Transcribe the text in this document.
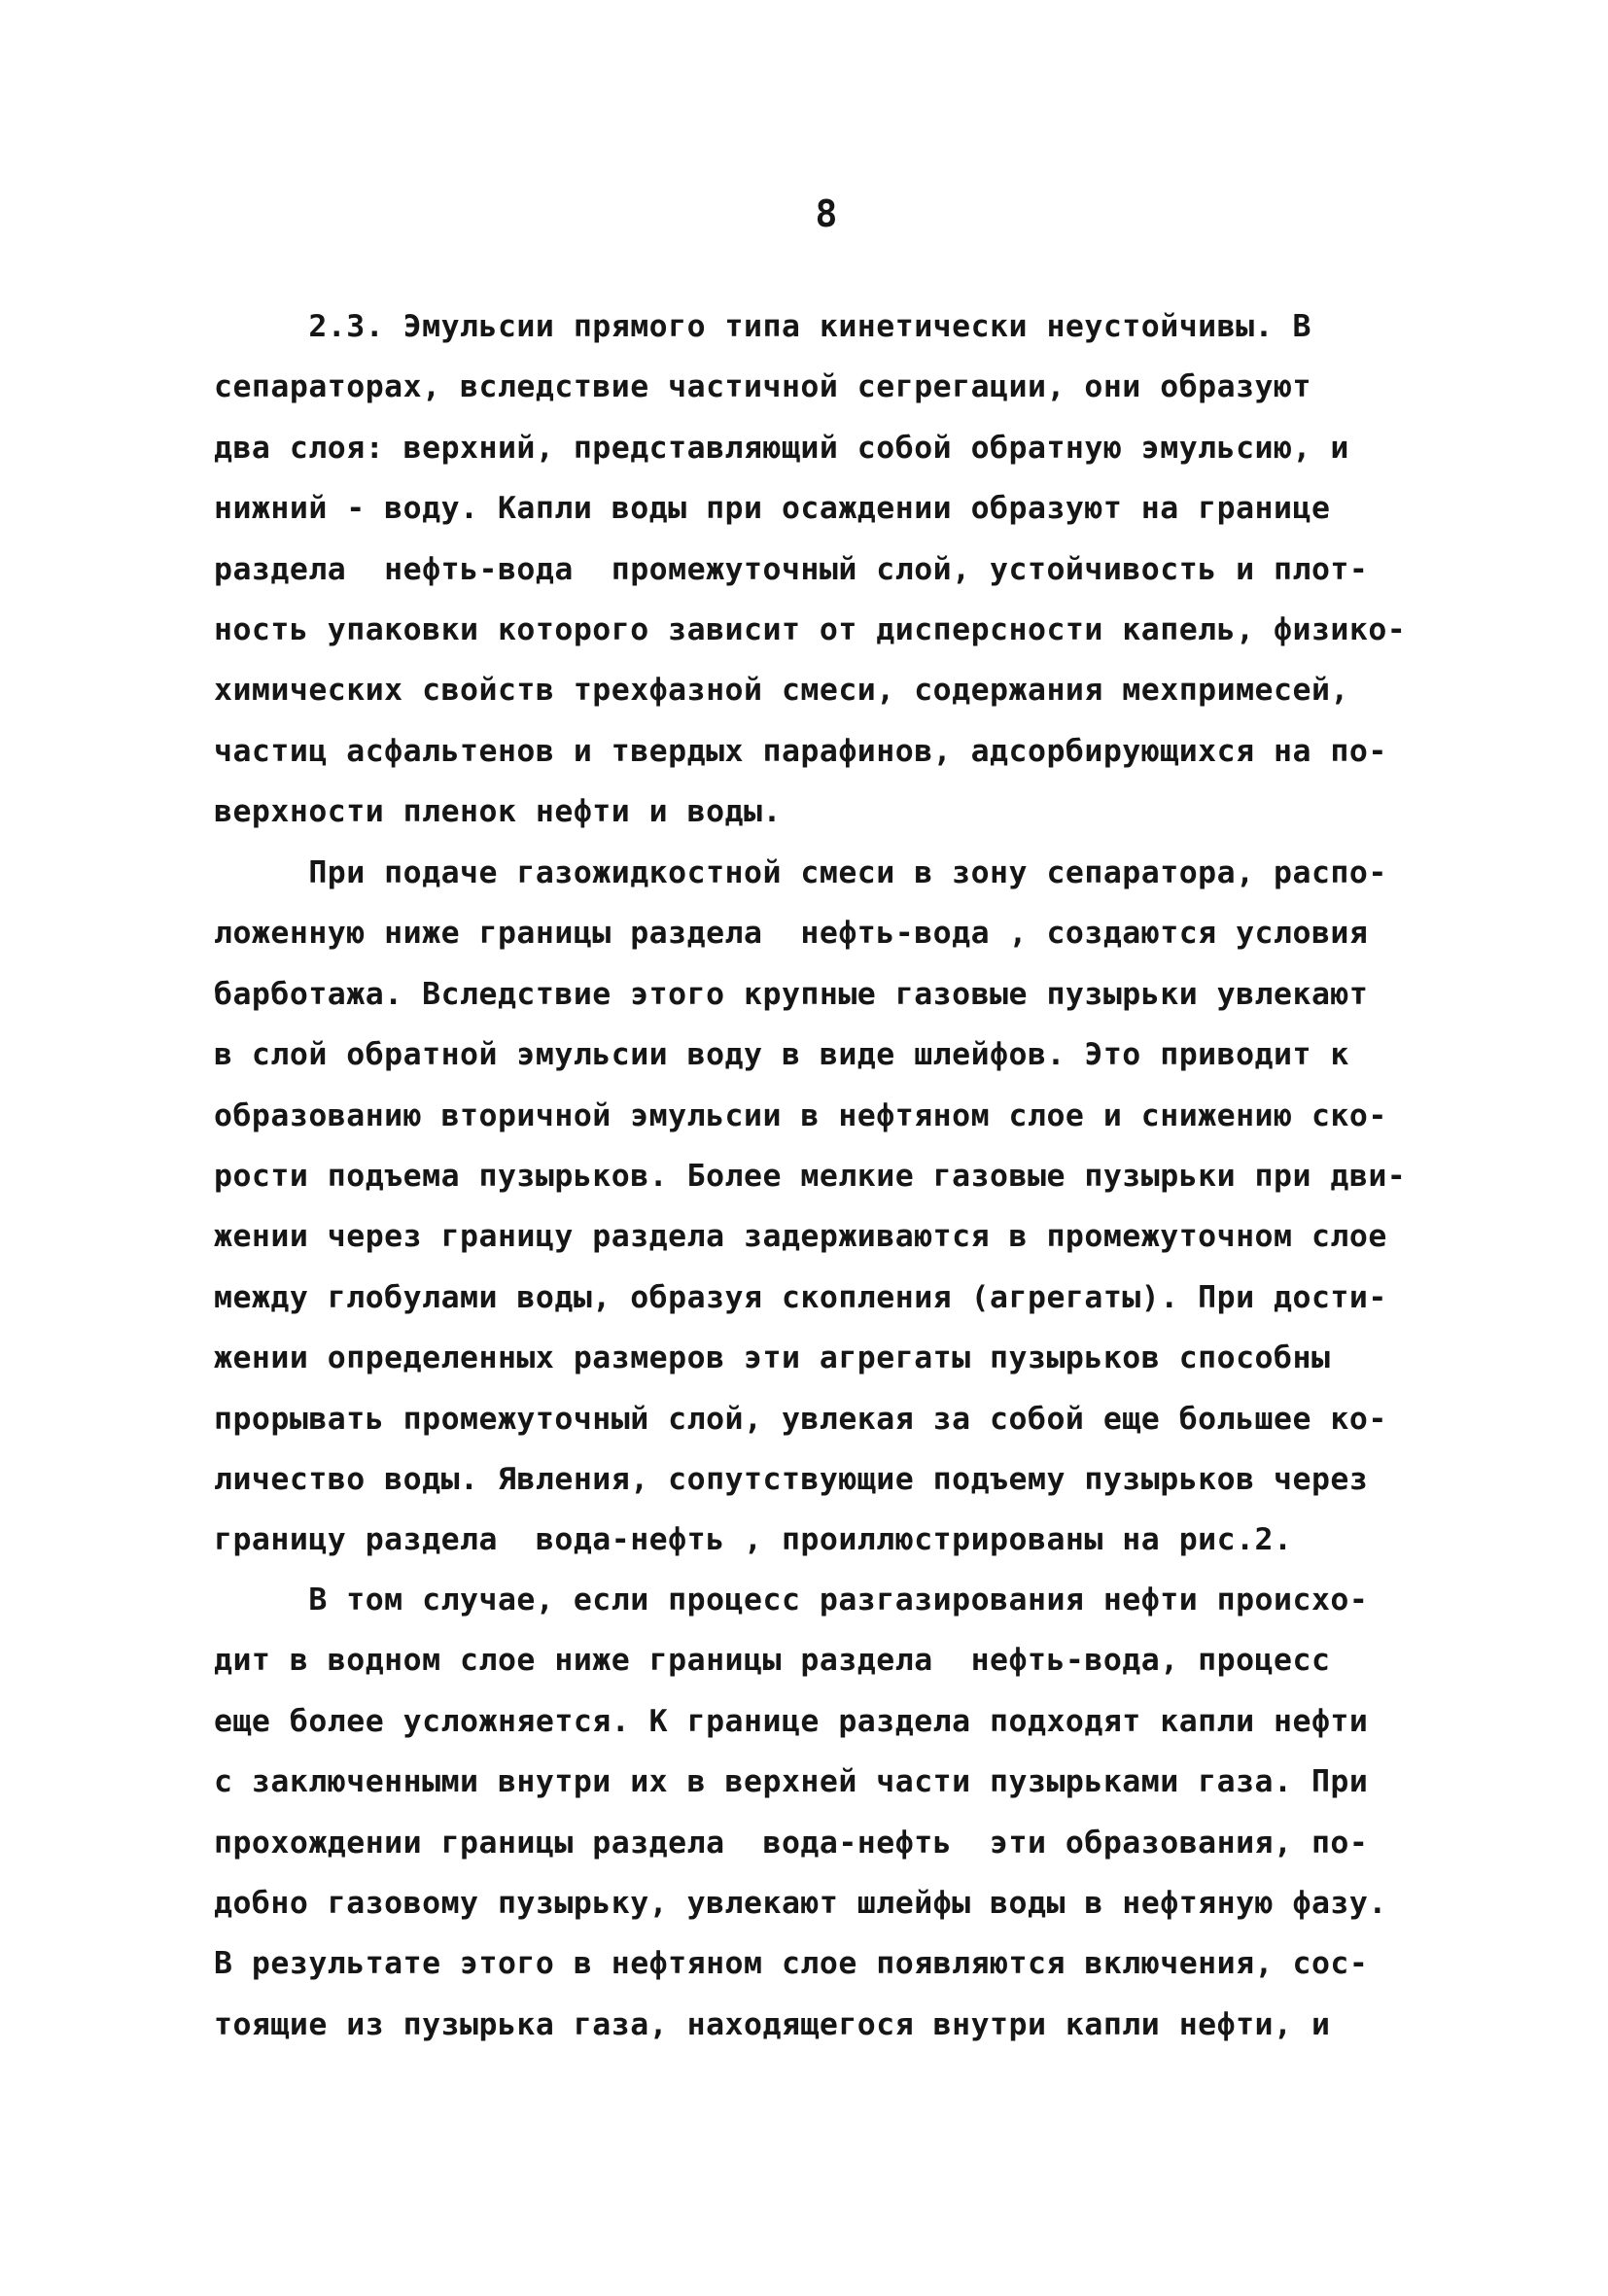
8
2.3. Эмульсии прямого типа кинетически неустойчивы. В
сепараторах, вследствие частичной сегрегации, они образуют
два слоя: верхний, представляющий собой обратную эмульсию, и
нижний - воду. Капли воды при осаждении образуют на границе
раздела  нефть-вода  промежуточный слой, устойчивость и плот-
ность упаковки которого зависит от дисперсности капель, физико-
химических свойств трехфазной смеси, содержания мехпримесей,
частиц асфальтенов и твердых парафинов, адсорбирующихся на по-
верхности пленок нефти и воды.
При подаче газожидкостной смеси в зону сепаратора, распо-
ложенную ниже границы раздела  нефть-вода , создаются условия
барботажа. Вследствие этого крупные газовые пузырьки увлекают
в слой обратной эмульсии воду в виде шлейфов. Это приводит к
образованию вторичной эмульсии в нефтяном слое и снижению ско-
рости подъема пузырьков. Более мелкие газовые пузырьки при дви-
жении через границу раздела задерживаются в промежуточном слое
между глобулами воды, образуя скопления (агрегаты). При дости-
жении определенных размеров эти агрегаты пузырьков способны
прорывать промежуточный слой, увлекая за собой еще большее ко-
личество воды. Явления, сопутствующие подъему пузырьков через
границу раздела  вода-нефть , проиллюстрированы на рис.2.
В том случае, если процесс разгазирования нефти происхо-
дит в водном слое ниже границы раздела  нефть-вода, процесс
еще более усложняется. К границе раздела подходят капли нефти
с заключенными внутри их в верхней части пузырьками газа. При
прохождении границы раздела  вода-нефть  эти образования, по-
добно газовому пузырьку, увлекают шлейфы воды в нефтяную фазу.
В результате этого в нефтяном слое появляются включения, сос-
тоящие из пузырька газа, находящегося внутри капли нефти, и
